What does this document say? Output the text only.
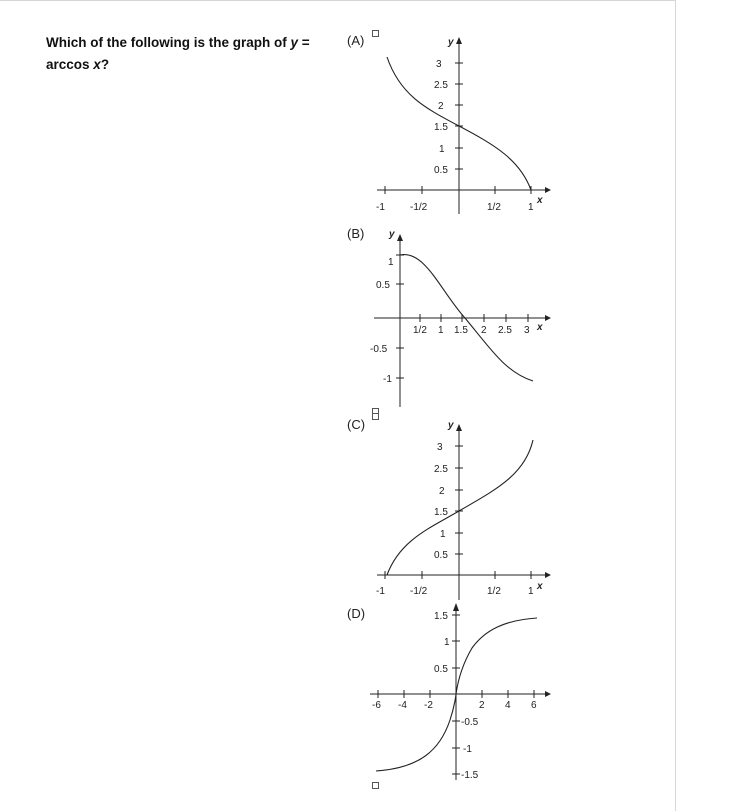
Which of the following is the graph of y = arccos x?
(A)
(B)
(C)
(D)
y
x
3
2.5
2
1.5
1
0.5
-1	-1/2	1/2	1
y
x
1
0.5
-0.5
-1
1/2 1 1.5 2 2.5 3
y
x
3
2.5
2
1.5
1
0.5
-1	-1/2	1/2	1
1.5
1
0.5
-0.5
-1
-1.5
-6 -4 -2	2 4 6
